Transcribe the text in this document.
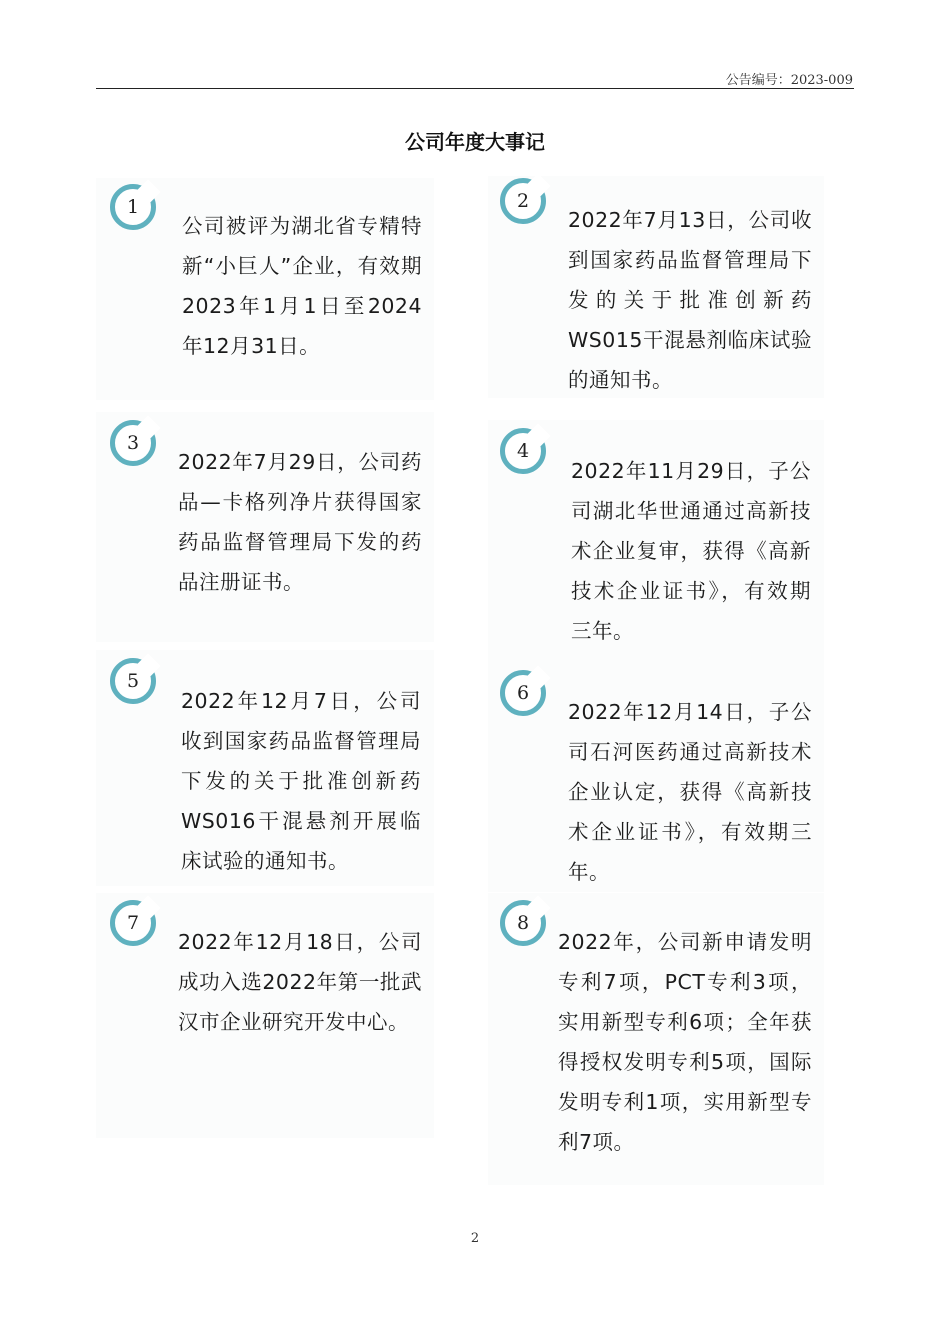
公告编号：2023-009
公司年度大事记
1
公司被评为湖北省专精特新“小巨人”企业，有效期2023年1月1日至2024年12月31日。
2
2022年7月13日，公司收到国家药品监督管理局下发的关于批准创新药WS015干混悬剂临床试验的通知书。
3
2022年7月29日，公司药品—卡格列净片获得国家药品监督管理局下发的药品注册证书。
4
2022年11月29日，子公司湖北华世通通过高新技术企业复审，获得《高新技术企业证书》，有效期三年。
5
2022年12月7日，公司收到国家药品监督管理局下发的关于批准创新药WS016干混悬剂开展临床试验的通知书。
6
2022年12月14日，子公司石河医药通过高新技术企业认定，获得《高新技术企业证书》，有效期三年。
7
2022年12月18日，公司成功入选2022年第一批武汉市企业研究开发中心。
8
2022年，公司新申请发明专利7项，PCT专利3项，实用新型专利6项；全年获得授权发明专利5项，国际发明专利1项，实用新型专利7项。
2
